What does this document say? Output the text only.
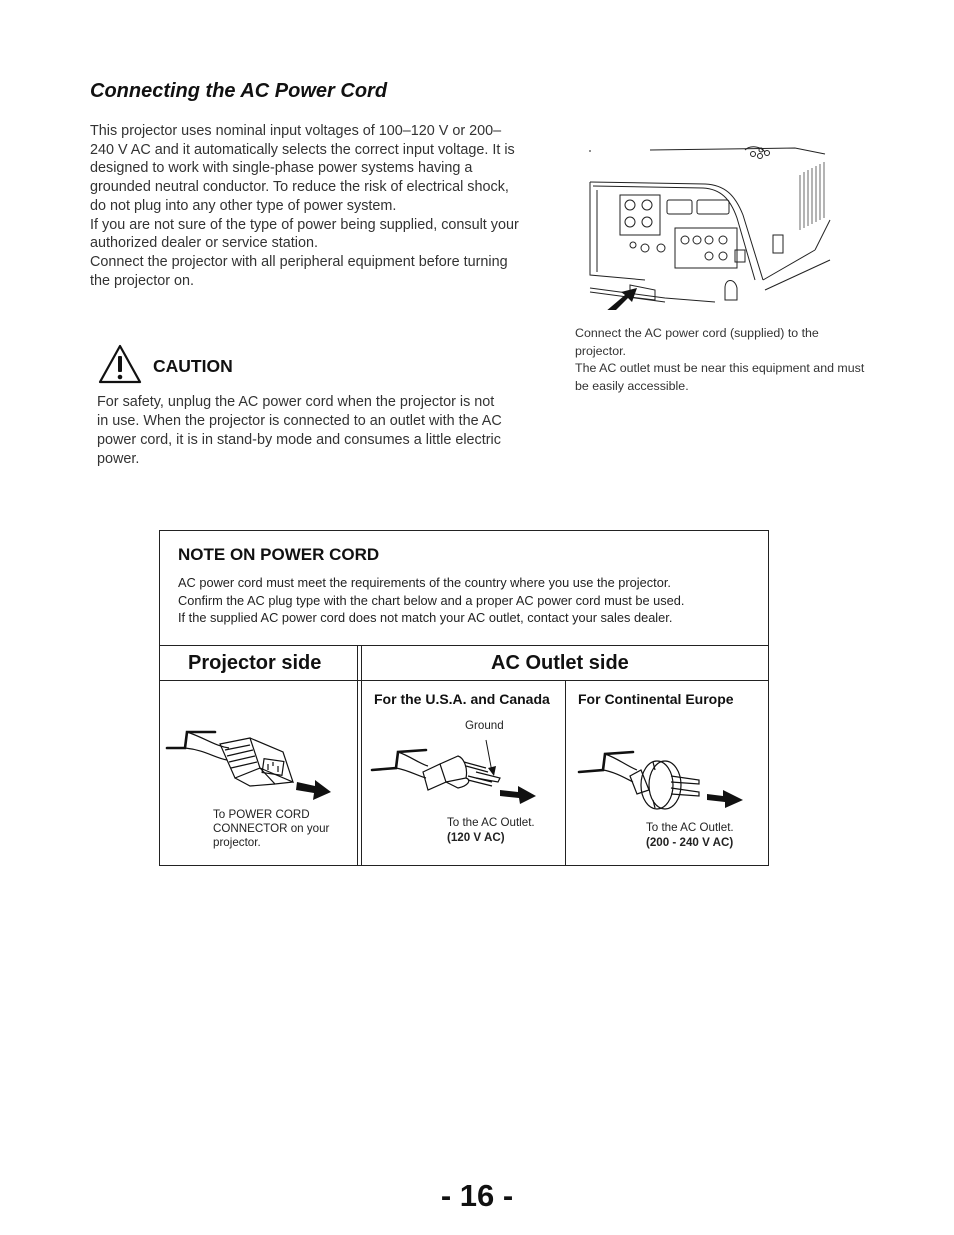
Connecting the AC Power Cord

This projector uses nominal input voltages of 100–120 V or 200–240 V AC and it automatically selects the correct input voltage. It is designed to work with single-phase power systems having a grounded neutral conductor. To reduce the risk of electrical shock, do not plug into any other type of power system.

If you are not sure of the type of power being supplied, consult your authorized dealer or service station.

Connect the projector with all peripheral equipment before turning the projector on.

CAUTION
For safety, unplug the AC power cord when the projector is not in use. When the projector is connected to an outlet with the AC power cord, it is in stand-by mode and consumes a little electric power.

Connect the AC power cord (supplied) to the projector.

The AC outlet must be near this equipment and must be easily accessible.

NOTE ON POWER CORD

AC power cord must meet the requirements of the country where you use the projector.

Confirm the AC plug type with the chart below and a proper AC power cord must be used.

If the supplied AC power cord does not match your AC outlet, contact your sales dealer.

Projector side	AC Outlet side
For the U.S.A. and Canada For Continental Europe
To POWER CORD CONNECTOR on your projector.
Ground
To the AC Outlet.
(120 V AC)
To the AC Outlet.
(200 - 240 V AC)
- 16 -
